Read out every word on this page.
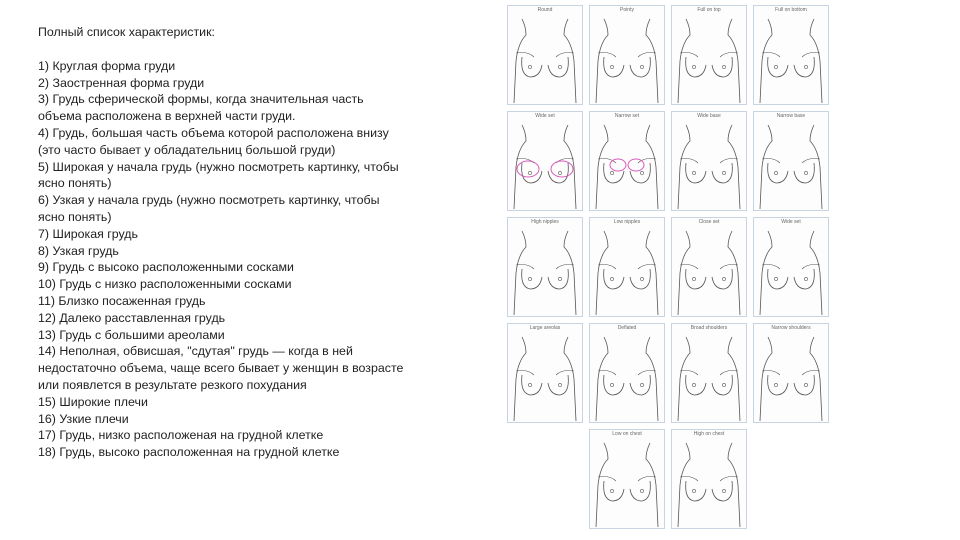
Полный список характеристик:

1) Круглая форма груди
2) Заостренная форма груди
3) Грудь сферической формы, когда значительная часть
объема расположена в верхней части груди.
4) Грудь, большая часть объема которой расположена внизу
(это часто бывает у обладательниц большой груди)
5) Широкая у начала грудь (нужно посмотреть картинку, чтобы
ясно понять)
6) Узкая у начала грудь (нужно посмотреть картинку, чтобы
ясно понять)
7) Широкая грудь
8) Узкая грудь
9) Грудь с высоко расположенными сосками
10) Грудь с низко расположенными сосками
11) Близко посаженная грудь
12) Далеко расставленная грудь
13) Грудь с большими ареолами
14) Неполная, обвисшая, "сдутая" грудь — когда в ней
недостаточно объема, чаще всего бывает у женщин в возрасте
или появлется в результате резкого похудания
15) Широкие плечи
16) Узкие плечи
17) Грудь, низко расположеная на грудной клетке
18) Грудь, высоко расположенная на грудной клетке
Round	Pointy	Full on top	Full on bottom
Wide set	Narrow set	Wide base	Narrow base
High nipples	Low nipples	Close set	Wide set
Large areolas	Deflated	Broad shoulders	Narrow shoulders
Low on chest	High on chest
